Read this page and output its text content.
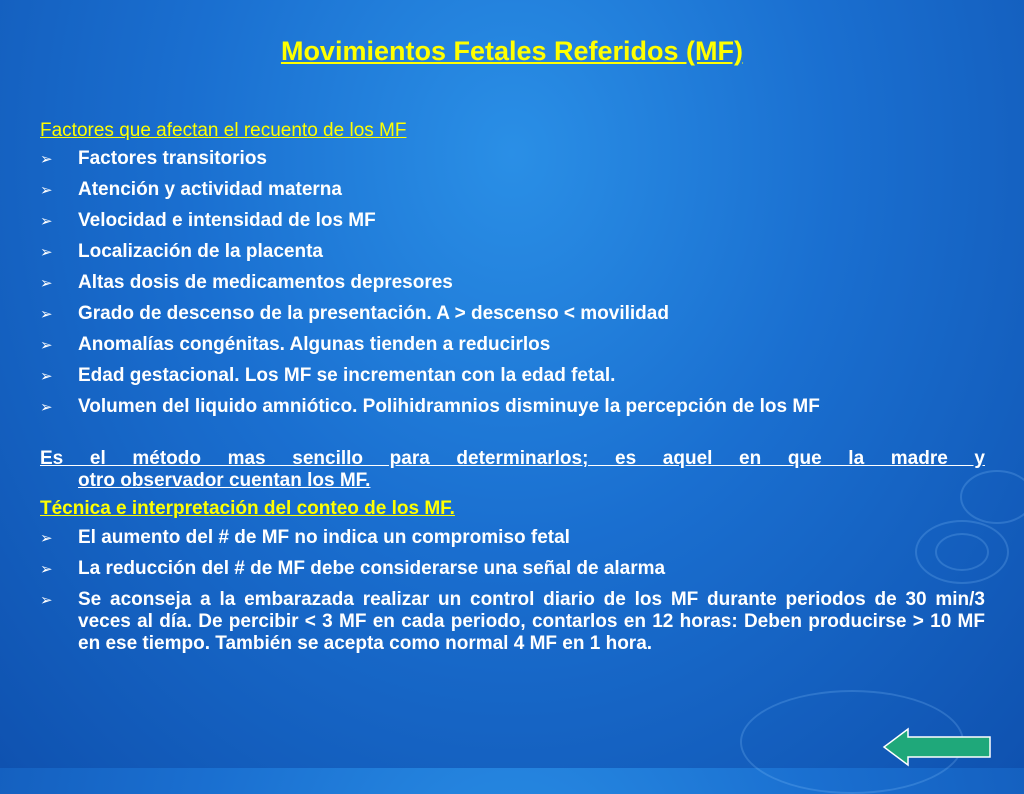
Movimientos Fetales Referidos (MF)
Factores que afectan el recuento de los MF
➢ Factores transitorios
➢ Atención y actividad materna
➢ Velocidad e intensidad de los MF
➢ Localización de la placenta
➢ Altas dosis de medicamentos depresores
➢ Grado de descenso de la presentación. A > descenso < movilidad
➢ Anomalías congénitas. Algunas tienden a reducirlos
➢ Edad gestacional. Los MF se incrementan con la edad fetal.
➢ Volumen del liquido amniótico. Polihidramnios disminuye la percepción de los MF
Es el método mas sencillo para determinarlos; es aquel en que la madre y
otro observador cuentan los MF.
Técnica e interpretación del conteo de los MF.
➢ El aumento del # de MF no indica un compromiso fetal
➢ La reducción del # de MF debe considerarse una señal de alarma
➢ Se aconseja a la embarazada realizar un control diario de los MF durante periodos de 30 min/3 veces al día. De percibir < 3 MF en cada periodo, contarlos en 12 horas: Deben producirse > 10 MF en ese tiempo. También se acepta como normal 4 MF en 1 hora.
